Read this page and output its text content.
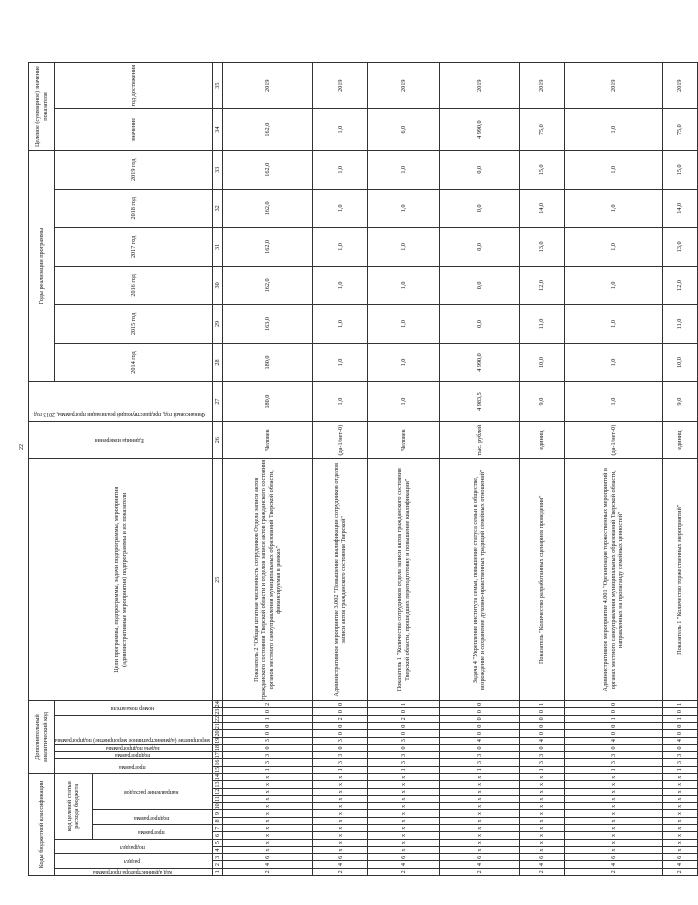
22
Коды бюджетной классификации														Дополнительный аналитический код										Цели программы, подпрограммы, задачи подпрограммы, мероприятия (административные мероприятия) подпрограммы и их показатели	Единица измерения	Финансовый год, предшествующий реализации программы, 2013 год	Годы реализации программы						Целевое (суммарное) значение показателя	
код администратора программы	раздел		подраздел		код целевой статьи расхода бюджета									программа		подпрограмма	задача подпрограммы	мероприятие (административное мероприятие) подпрограммы				номер показателя					2014 год	2015 год	2016 год	2017 год	2018 год	2019 год	значение	год достижения
					программа		подпрограмма		направление расходов																									
1	2	3	4	5	6	7	8	9	10	11	12	13	14	15	16	17	18	19	20	21	22	23	24	25	26	27	28	29	30	31	32	33	34	35
2	4	6	х	х	х	х	х	х	х	х	х	х	х	1	3	3	0	3	0	0	1	0	2	Показатель 2 "Общая штатная численность сотрудников Отдела записи актов гражданского состояния Тверской области и отделов записи актов гражданского состояния органов местного самоуправления муниципальных образований Тверской области, финансируемая в рамках"	Человек	180,0	180,0	163,0	162,0	162,0	162,0	162,0	162,0	2019
2	4	6	х	х	х	х	х	х	х	х	х	х	х	1	3	3	0	3	0	0	2	0	0	Административное мероприятие 3.002 "Повышение квалификации сотрудников отделов записи актов гражданского состояния Тверской"	(да-1/нет-0)	1,0	1,0	1,0	1,0	1,0	1,0	1,0	1,0	2019
2	4	6	х	х	х	х	х	х	х	х	х	х	х	1	3	3	0	3	0	0	2	0	1	Показатель 1 "Количество сотрудников отдела записи актов гражданского состояния Тверской области, прошедших переподготовку и повышение квалификации"	Человек	1,0	1,0	1,0	1,0	1,0	1,0	1,0	6,0	2019
2	4	6	х	х	х	х	х	х	х	х	х	х	х	1	3	3	0	4	0	0	0	0	0	Задача 4 "Укрепление института семьи, повышение статуса семьи в обществе, возрождение и сохранение духовно-нравственных традиций семейных отношений"	тыс. рублей	4 983,5	4 990,0	0,0	0,0	0,0	0,0	0,0	4 990,0	2019
2	4	6	х	х	х	х	х	х	х	х	х	х	х	1	3	3	0	4	0	0	0	0	1	Показатель "Количество разработанных сценариев проведения"	единиц	9,0	10,0	11,0	12,0	13,0	14,0	15,0	75,0	2019
2	4	6	х	х	х	х	х	х	х	х	х	х	х	1	3	3	0	4	0	0	1	0	0	Административное мероприятие 4.001 "Организация торжественных мероприятий в органах местного самоуправления муниципальных образований Тверской области, направленных на пропаганду семейных ценностей"	(да-1/нет-0)	1,0	1,0	1,0	1,0	1,0	1,0	1,0	1,0	2019
2	4	6	х	х	х	х	х	х	х	х	х	х	х	1	3	3	0	4	0	0	1	0	1	Показатель 1 "Количество торжественных мероприятий"	единиц	9,0	10,0	11,0	12,0	13,0	14,0	15,0	75,0	2019
